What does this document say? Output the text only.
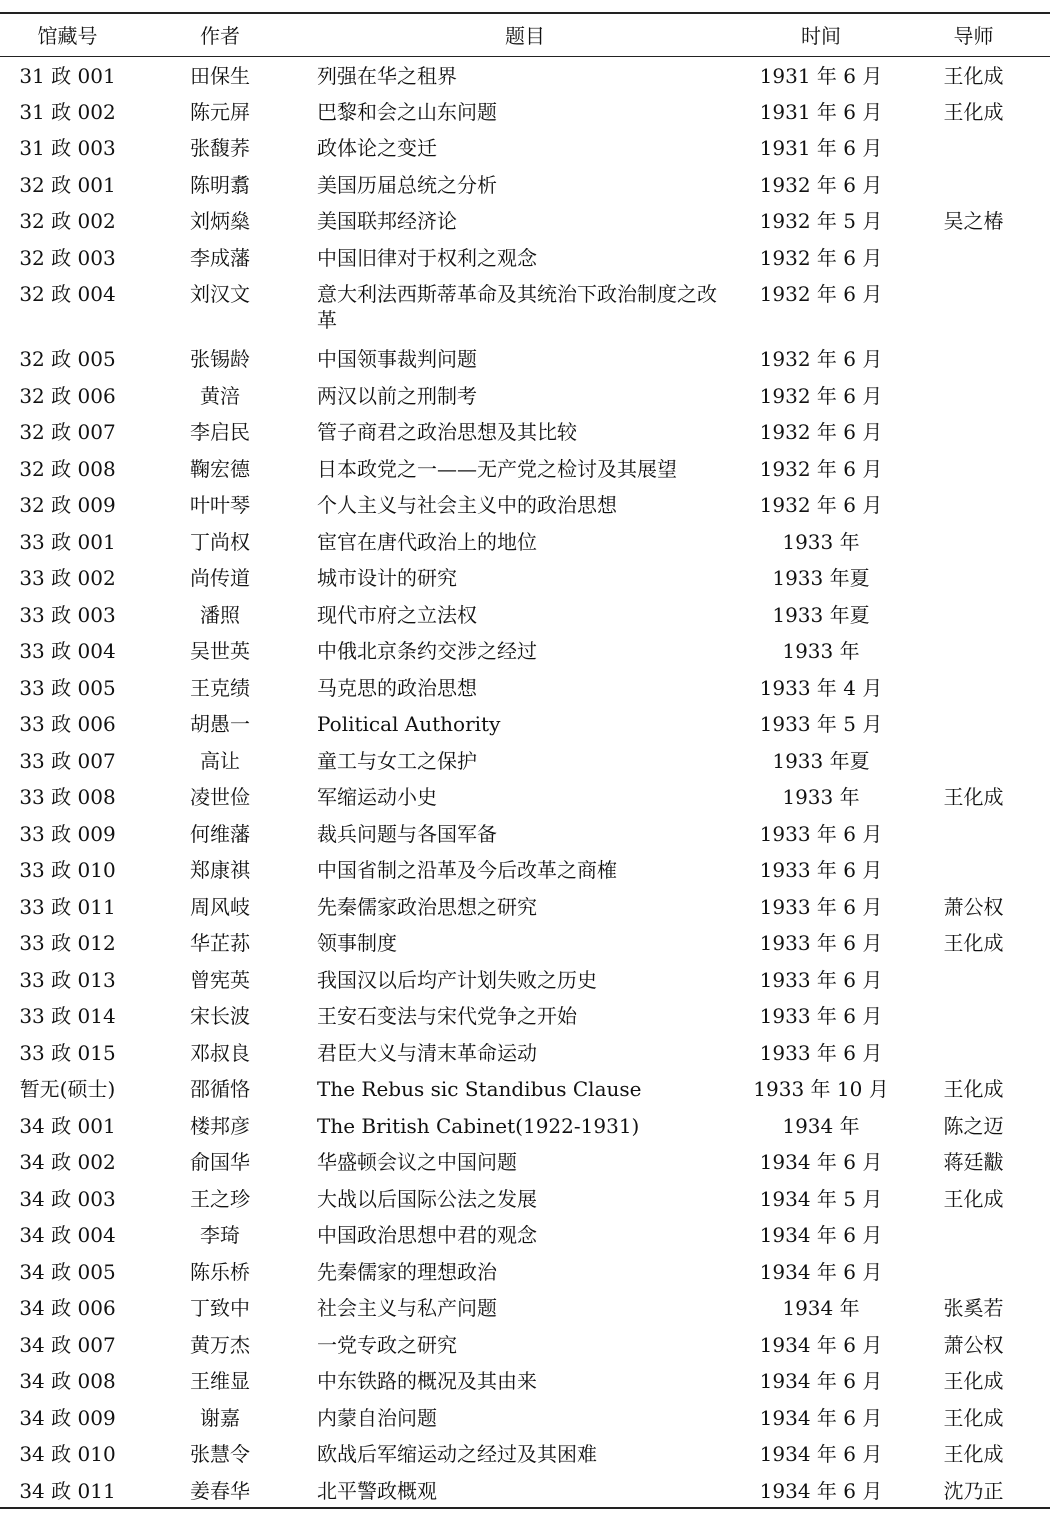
馆藏号	作者	题目	时间	导师
31 政 001	田保生	列强在华之租界	1931 年 6 月	王化成
31 政 002	陈元屏	巴黎和会之山东问题	1931 年 6 月	王化成
31 政 003	张馥荞	政体论之变迁	1931 年 6 月	
32 政 001	陈明翥	美国历届总统之分析	1932 年 6 月	
32 政 002	刘炳燊	美国联邦经济论	1932 年 5 月	吴之椿
32 政 003	李成藩	中国旧律对于权利之观念	1932 年 6 月	
32 政 004	刘汉文	意大利法西斯蒂革命及其统治下政治制度之改革	1932 年 6 月	
32 政 005	张锡龄	中国领事裁判问题	1932 年 6 月	
32 政 006	黄涪	两汉以前之刑制考	1932 年 6 月	
32 政 007	李启民	管子商君之政治思想及其比较	1932 年 6 月	
32 政 008	鞠宏德	日本政党之一——无产党之检讨及其展望	1932 年 6 月	
32 政 009	叶叶琴	个人主义与社会主义中的政治思想	1932 年 6 月	
33 政 001	丁尚权	宦官在唐代政治上的地位	1933 年	
33 政 002	尚传道	城市设计的研究	1933 年夏	
33 政 003	潘照	现代市府之立法权	1933 年夏	
33 政 004	吴世英	中俄北京条约交涉之经过	1933 年	
33 政 005	王克绩	马克思的政治思想	1933 年 4 月	
33 政 006	胡愚一	Political Authority	1933 年 5 月	
33 政 007	高让	童工与女工之保护	1933 年夏	
33 政 008	凌世俭	军缩运动小史	1933 年	王化成
33 政 009	何维藩	裁兵问题与各国军备	1933 年 6 月	
33 政 010	郑康祺	中国省制之沿革及今后改革之商榷	1933 年 6 月	
33 政 011	周风岐	先秦儒家政治思想之研究	1933 年 6 月	萧公权
33 政 012	华芷荪	领事制度	1933 年 6 月	王化成
33 政 013	曾宪英	我国汉以后均产计划失败之历史	1933 年 6 月	
33 政 014	宋长波	王安石变法与宋代党争之开始	1933 年 6 月	
33 政 015	邓叔良	君臣大义与清末革命运动	1933 年 6 月	
暂无(硕士)	邵循恪	The Rebus sic Standibus Clause	1933 年 10 月	王化成
34 政 001	楼邦彦	The British Cabinet(1922-1931)	1934 年	陈之迈
34 政 002	俞国华	华盛顿会议之中国问题	1934 年 6 月	蒋廷黻
34 政 003	王之珍	大战以后国际公法之发展	1934 年 5 月	王化成
34 政 004	李琦	中国政治思想中君的观念	1934 年 6 月	
34 政 005	陈乐桥	先秦儒家的理想政治	1934 年 6 月	
34 政 006	丁致中	社会主义与私产问题	1934 年	张奚若
34 政 007	黄万杰	一党专政之研究	1934 年 6 月	萧公权
34 政 008	王维显	中东铁路的概况及其由来	1934 年 6 月	王化成
34 政 009	谢嘉	内蒙自治问题	1934 年 6 月	王化成
34 政 010	张慧令	欧战后军缩运动之经过及其困难	1934 年 6 月	王化成
34 政 011	姜春华	北平警政概观	1934 年 6 月	沈乃正
